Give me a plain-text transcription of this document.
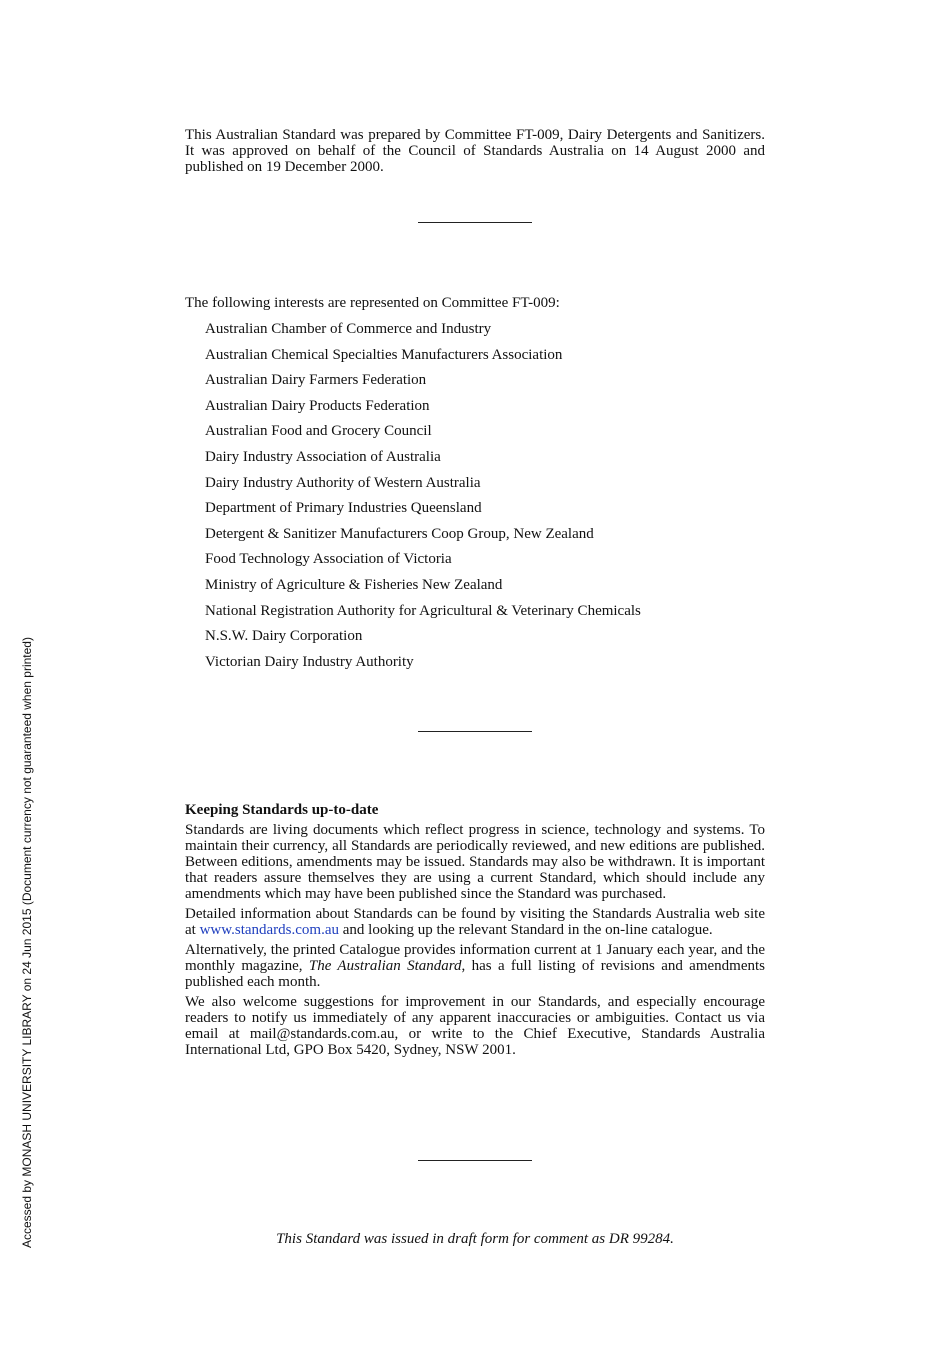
This Australian Standard was prepared by Committee FT-009, Dairy Detergents and Sanitizers. It was approved on behalf of the Council of Standards Australia on 14 August 2000 and published on 19 December 2000.
The following interests are represented on Committee FT-009:
Australian Chamber of Commerce and Industry
Australian Chemical Specialties Manufacturers Association
Australian Dairy Farmers Federation
Australian Dairy Products Federation
Australian Food and Grocery Council
Dairy Industry Association of Australia
Dairy Industry Authority of Western Australia
Department of Primary Industries Queensland
Detergent & Sanitizer Manufacturers Coop Group, New Zealand
Food Technology Association of Victoria
Ministry of Agriculture & Fisheries New Zealand
National Registration Authority for Agricultural & Veterinary Chemicals
N.S.W. Dairy Corporation
Victorian Dairy Industry Authority
Keeping Standards up-to-date

Standards are living documents which reflect progress in science, technology and systems. To maintain their currency, all Standards are periodically reviewed, and new editions are published. Between editions, amendments may be issued. Standards may also be withdrawn. It is important that readers assure themselves they are using a current Standard, which should include any amendments which may have been published since the Standard was purchased.

Detailed information about Standards can be found by visiting the Standards Australia web site at www.standards.com.au and looking up the relevant Standard in the on-line catalogue.

Alternatively, the printed Catalogue provides information current at 1 January each year, and the monthly magazine, The Australian Standard, has a full listing of revisions and amendments published each month.

We also welcome suggestions for improvement in our Standards, and especially encourage readers to notify us immediately of any apparent inaccuracies or ambiguities. Contact us via email at mail@standards.com.au, or write to the Chief Executive, Standards Australia International Ltd, GPO Box 5420, Sydney, NSW 2001.

This Standard was issued in draft form for comment as DR 99284.
Accessed by MONASH UNIVERSITY LIBRARY on 24 Jun 2015 (Document currency not guaranteed when printed)
